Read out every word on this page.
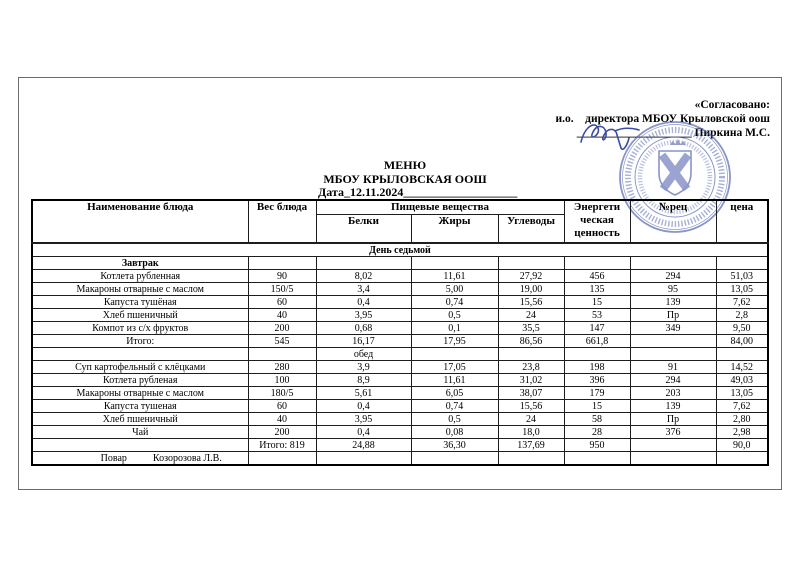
«Согласовано:
и.о.    директора МБОУ Крыловской оош
____________________ Пиркина М.С.
МЕНЮ
МБОУ КРЫЛОВСКАЯ ООШ
Дата_12.11.2024___________________
Наименование блюда	Вес блюда	Пищевые вещества			Энергети ческая ценность	№рец	цена
		Белки	Жиры	Углеводы			
День седьмой							
Завтрак							
Котлета рубленная	90	8,02	11,61	27,92	456	294	51,03
Макароны отварные с маслом	150/5	3,4	5,00	19,00	135	95	13,05
Капуста тушёная	60	0,4	0,74	15,56	15	139	7,62
Хлеб пшеничный	40	3,95	0,5	24	53	Пр	2,8
Компот из с/х фруктов	200	0,68	0,1	35,5	147	349	9,50
Итого:	545	16,17	17,95	86,56	661,8		84,00
		обед					
Суп картофельный с клёцками	280	3,9	17,05	23,8	198	91	14,52
Котлета рубленая	100	8,9	11,61	31,02	396	294	49,03
Макароны отварные с маслом	180/5	5,61	6,05	38,07	179	203	13,05
Капуста тушеная	60	0,4	0,74	15,56	15	139	7,62
Хлеб пшеничный	40	3,95	0,5	24	58	Пр	2,80
Чай	200	0,4	0,08	18,0	28	376	2,98
	Итого: 819	24,88	36,30	137,69	950		90,0
Повар Козорозова Л.В.							
